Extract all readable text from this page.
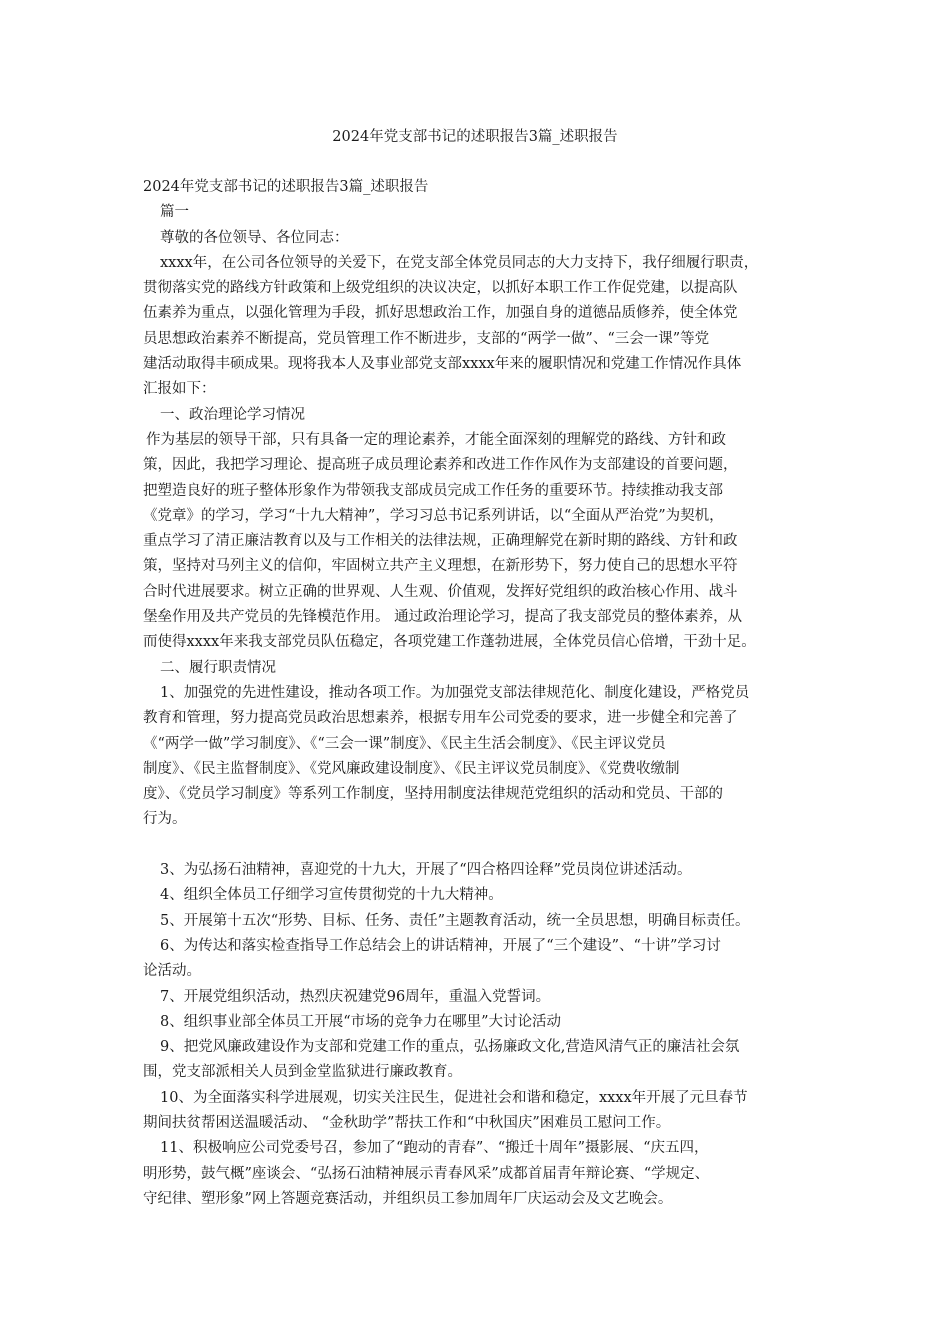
2024年党支部书记的述职报告3篇_述职报告

2024年党支部书记的述职报告3篇_述职报告

篇一

尊敬的各位领导、各位同志：

xxxx年，在公司各位领导的关爱下，在党支部全体党员同志的大力支持下，我仔细履行职责，
贯彻落实党的路线方针政策和上级党组织的决议决定，以抓好本职工作工作促党建，以提高队
伍素养为重点，以强化管理为手段，抓好思想政治工作，加强自身的道德品质修养，使全体党
员思想政治素养不断提高，党员管理工作不断进步，支部的“两学一做”、“三会一课”等党
建活动取得丰硕成果。现将我本人及事业部党支部xxxx年来的履职情况和党建工作情况作具体
汇报如下：

一、政治理论学习情况

作为基层的领导干部，只有具备一定的理论素养，才能全面深刻的理解党的路线、方针和政
策，因此，我把学习理论、提高班子成员理论素养和改进工作作风作为支部建设的首要问题，
把塑造良好的班子整体形象作为带领我支部成员完成工作任务的重要环节。持续推动我支部
《党章》的学习，学习“十九大精神”，学习习总书记系列讲话，以“全面从严治党”为契机，
重点学习了清正廉洁教育以及与工作相关的法律法规，正确理解党在新时期的路线、方针和政
策，坚持对马列主义的信仰，牢固树立共产主义理想，在新形势下，努力使自己的思想水平符
合时代进展要求。树立正确的世界观、人生观、价值观，发挥好党组织的政治核心作用、战斗
堡垒作用及共产党员的先锋模范作用。 通过政治理论学习，提高了我支部党员的整体素养，从
而使得xxxx年来我支部党员队伍稳定，各项党建工作蓬勃进展，全体党员信心倍增，干劲十足。

二、履行职责情况

1、加强党的先进性建设，推动各项工作。为加强党支部法律规范化、制度化建设，严格党员
教育和管理，努力提高党员政治思想素养，根据专用车公司党委的要求，进一步健全和完善了
《“两学一做”学习制度》、《“三会一课”制度》、《民主生活会制度》、《民主评议党员
制度》、《民主监督制度》、《党风廉政建设制度》、《民主评议党员制度》、《党费收缴制
度》、《党员学习制度》等系列工作制度，坚持用制度法律规范党组织的活动和党员、干部的
行为。

3、为弘扬石油精神，喜迎党的十九大，开展了“四合格四诠释”党员岗位讲述活动。

4、组织全体员工仔细学习宣传贯彻党的十九大精神。

5、开展第十五次“形势、目标、任务、责任”主题教育活动，统一全员思想，明确目标责任。

6、为传达和落实检查指导工作总结会上的讲话精神，开展了“三个建设”、“十讲”学习讨
论活动。

7、开展党组织活动，热烈庆祝建党96周年，重温入党誓词。

8、组织事业部全体员工开展“市场的竞争力在哪里”大讨论活动

9、把党风廉政建设作为支部和党建工作的重点，弘扬廉政文化,营造风清气正的廉洁社会氛
围，党支部派相关人员到金堂监狱进行廉政教育。

10、为全面落实科学进展观，切实关注民生，促进社会和谐和稳定，xxxx年开展了元旦春节
期间扶贫帮困送温暖活动、 “金秋助学”帮扶工作和“中秋国庆”困难员工慰问工作。

11、积极响应公司党委号召，参加了“跑动的青春”、“搬迁十周年”摄影展、“庆五四，
明形势，鼓气概”座谈会、“弘扬石油精神展示青春风采”成都首届青年辩论赛、“学规定、
守纪律、塑形象”网上答题竞赛活动，并组织员工参加周年厂庆运动会及文艺晚会。
